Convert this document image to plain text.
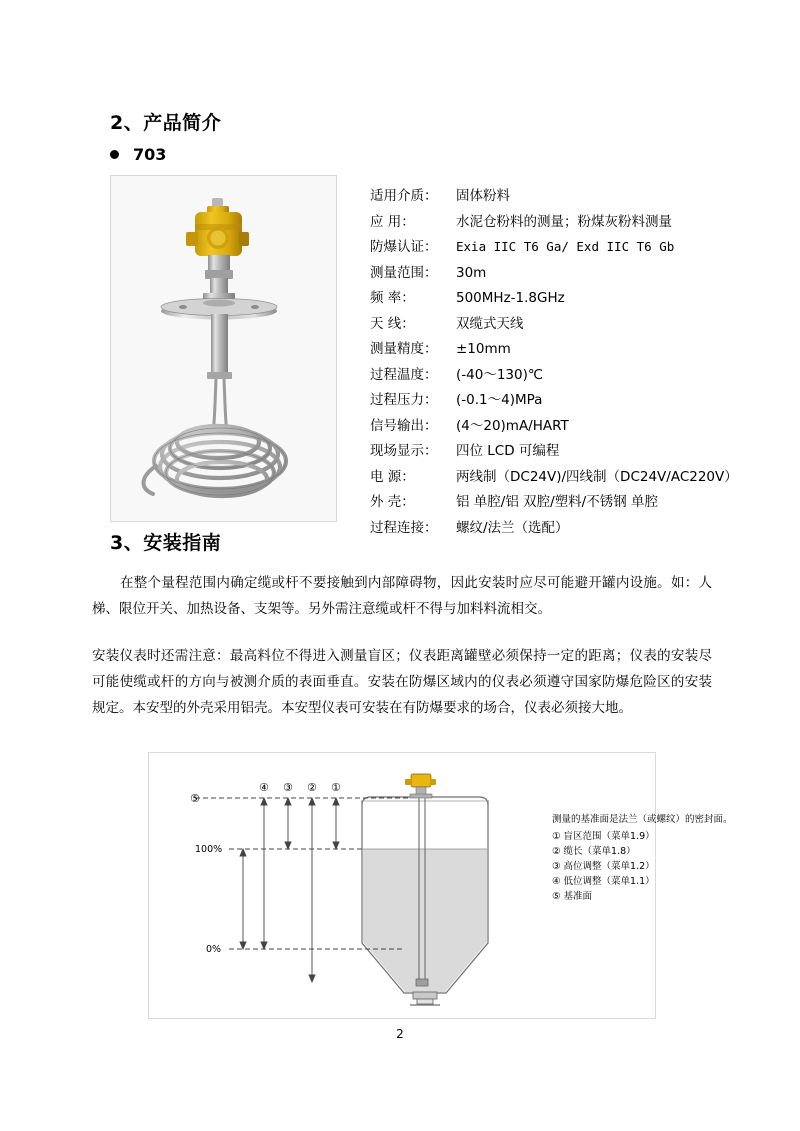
2、产品简介
703
适用介质：	固体粉料
应 用：	水泥仓粉料的测量；粉煤灰粉料测量
防爆认证：	Exia IIC T6 Ga/ Exd IIC T6 Gb
测量范围：	30m
频 率：	500MHz-1.8GHz
天 线：	双缆式天线
测量精度：	±10mm
过程温度：	(-40～130)℃
过程压力：	(-0.1～4)MPa
信号输出：	(4～20)mA/HART
现场显示：	四位 LCD 可编程
电 源：	两线制（DC24V)/四线制（DC24V/AC220V）
外 壳：	铝 单腔/铝 双腔/塑料/不锈钢 单腔
过程连接：	螺纹/法兰（选配）
3、安装指南
在整个量程范围内确定缆或杆不要接触到内部障碍物，因此安装时应尽可能避开罐内设施。如：人梯、限位开关、加热设备、支架等。另外需注意缆或杆不得与加料料流相交。
安装仪表时还需注意：最高料位不得进入测量盲区；仪表距离罐壁必须保持一定的距离；仪表的安装尽可能使缆或杆的方向与被测介质的表面垂直。安装在防爆区域内的仪表必须遵守国家防爆危险区的安装规定。本安型的外壳采用铝壳。本安型仪表可安装在有防爆要求的场合，仪表必须接大地。
①
②
③
④
⑤
100%
0%
测量的基准面是法兰（或螺纹）的密封面。
① 盲区范围（菜单1.9）
② 缆长（菜单1.8）
③ 高位调整（菜单1.2）
④ 低位调整（菜单1.1）
⑤ 基准面
2
